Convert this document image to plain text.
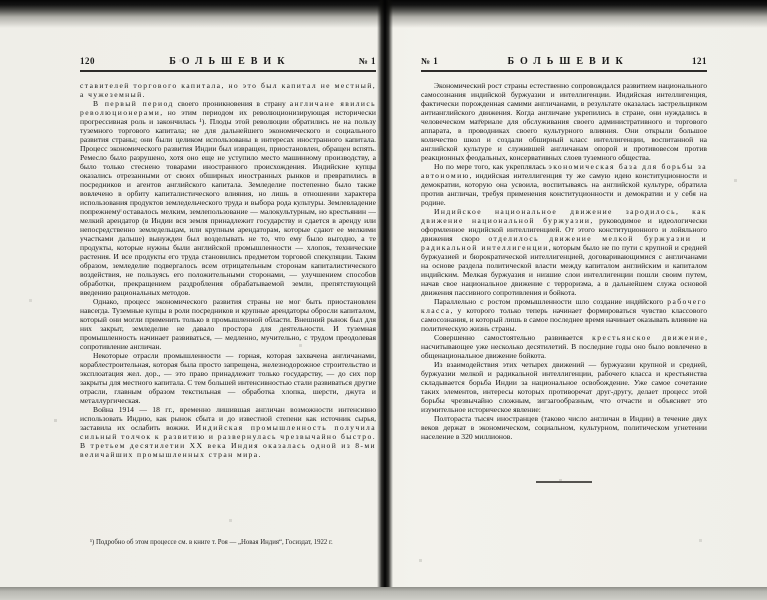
120	БОЛЬШЕВИК	№ 1

ставителей торгового капитала, но это был капитал не местный, а чужеземный.

В первый период своего проникновения в страну англичане явились революционерами, но этим периодом их революционизирующая исторически прогрессивная роль и закончилась ¹). Плоды этой революции обратились не на пользу туземного торгового капитала; не для дальнейшего экономического и социального развития страны; они были целиком использованы в интересах иностранного капитала. Процесс экономического развития Индии был извращен, приостановлен, обращен вспять. Ремесло было разрушено, хотя оно еще не уступило место машинному производству, а было только стеснено товарами иностранного происхождения. Индийские купцы оказались отрезанными от своих обширных иностранных рынков и превратились в посредников и агентов английского капитала. Земледелие постепенно было также вовлечено в орбиту капиталистического влияния, но лишь в отношении характера использования продуктов земледельческого труда и выбора рода культуры. Землевладение попрежнему оставалось мелким, землепользование — малокультурным, но крестьянин — мелкий арендатор (в Индии вся земля принадлежит государству и сдается в аренду или непосредственно земледельцам, или крупным арендаторам, которые сдают ее мелкими участками дальше) вынужден был возделывать не то, что ему было выгодно, а те продукты, которые нужны были английской промышленности — хлопок, технические растения. И все продукты его труда становились предметом торговой спекуляции. Таким образом, земледелие подвергалось всем отрицательным сторонам капиталистического воздействия, не пользуясь его положительными сторонами, — улучшением способов обработки, прекращением раздробления обрабатываемой земли, препятствующей введению рациональных методов.

Однако, процесс экономического развития страны не мог быть приостановлен навсегда. Туземные купцы в роли посредников и крупные арендаторы обросли капиталом, который они могли применить только в промышленной области. Внешний рынок был для них закрыт, земледелие не давало простора для деятельности. И туземная промышленность начинает развиваться, — медленно, мучительно, с трудом преодолевая сопротивление англичан.

Некоторые отрасли промышленности — горная, которая захвачена англичанами, кораблестроительная, которая была просто запрещена, железнодорожное строительство и эксплоатация жел. дор., — это право принадлежит только государству, — до сих пор закрыты для местного капитала. С тем большей интенсивностью стали развиваться другие отрасли, главным образом текстильная — обработка хлопка, шерсти, джута и металлургическая.

Война 1914 — 18 гг., временно лишившая англичан возможности интенсивно использовать Индию, как рынок сбыта и до известной степени как источник сырья, заставила их ослабить вожжи. Индийская промышленность получила сильный толчок к развитию и развернулась чрезвычайно быстро. В третьем десятилетии XX века Индия оказалась одной из 8-ми величайших промышленных стран мира.

¹) Подробно об этом процессе см. в книге т. Роя — „Новая Индия“, Госиздат, 1922 г.

№ 1	БОЛЬШЕВИК	121

Экономический рост страны естественно сопровождался развитием национального самосознания индийской буржуазии и интеллигенции. Индийская интеллигенция, фактически порожденная самими англичанами, в результате оказалась застрельщиком антианглийского движения. Когда англичане укрепились в стране, они нуждались в человеческом материале для обслуживания своего административного и торгового аппарата, в проводниках своего культурного влияния. Они открыли большое количество школ и создали обширный класс интеллигенции, воспитанной на английской культуре и служившей англичанам опорой и противовесом против реакционных феодальных, консервативных слоев туземного общества.

Но по мере того, как укреплялась экономическая база для борьбы за автономию, индийская интеллигенция ту же самую идею конституционности и демократии, которую она усвоила, воспитываясь на английской культуре, обратила против англичан, требуя применения конституционности и демократии и у себя на родине.

Индийское национальное движение зародилось, как движение национальной буржуазии, руководимое и идеологически оформленное индийской интеллигенцией. От этого конституционного и лойяльного движения скоро отделилось движение мелкой буржуазии и радикальной интеллигенции, которым было не по пути с крупной и средней буржуазией и бюрократической интеллигенцией, договаривающимися с англичанами на основе раздела политической власти между капиталом английским и капиталом индийским. Мелкая буржуазия и низшие слои интеллигенции пошли своим путем, начав свое национальное движение с терроризма, а в дальнейшем служа основой движения пассивного сопротивления и бойкота.

Параллельно с ростом промышленности шло создание индийского рабочего класса, у которого только теперь начинает формироваться чувство классового самосознания, и который лишь в самое последнее время начинает оказывать влияние на политическую жизнь страны.

Совершенно самостоятельно развивается крестьянское движение, насчитывающее уже несколько десятилетий. В последние годы оно было вовлечено в общенациональное движение бойкота.

Из взаимодействия этих четырех движений — буржуазии крупной и средней, буржуазии мелкой и радикальной интеллигенции, рабочего класса и крестьянства складывается борьба Индии за национальное освобождение. Уже самое сочетание таких элементов, интересы которых противоречат друг-другу, делает процесс этой борьбы чрезвычайно сложным, зигзагообразным, что отчасти и объясняет это изумительное историческое явление:

Полтораста тысяч иностранцев (таково число англичан в Индии) в течение двух веков держат в экономическом, социальном, культурном, политическом угнетении население в 320 миллионов.
